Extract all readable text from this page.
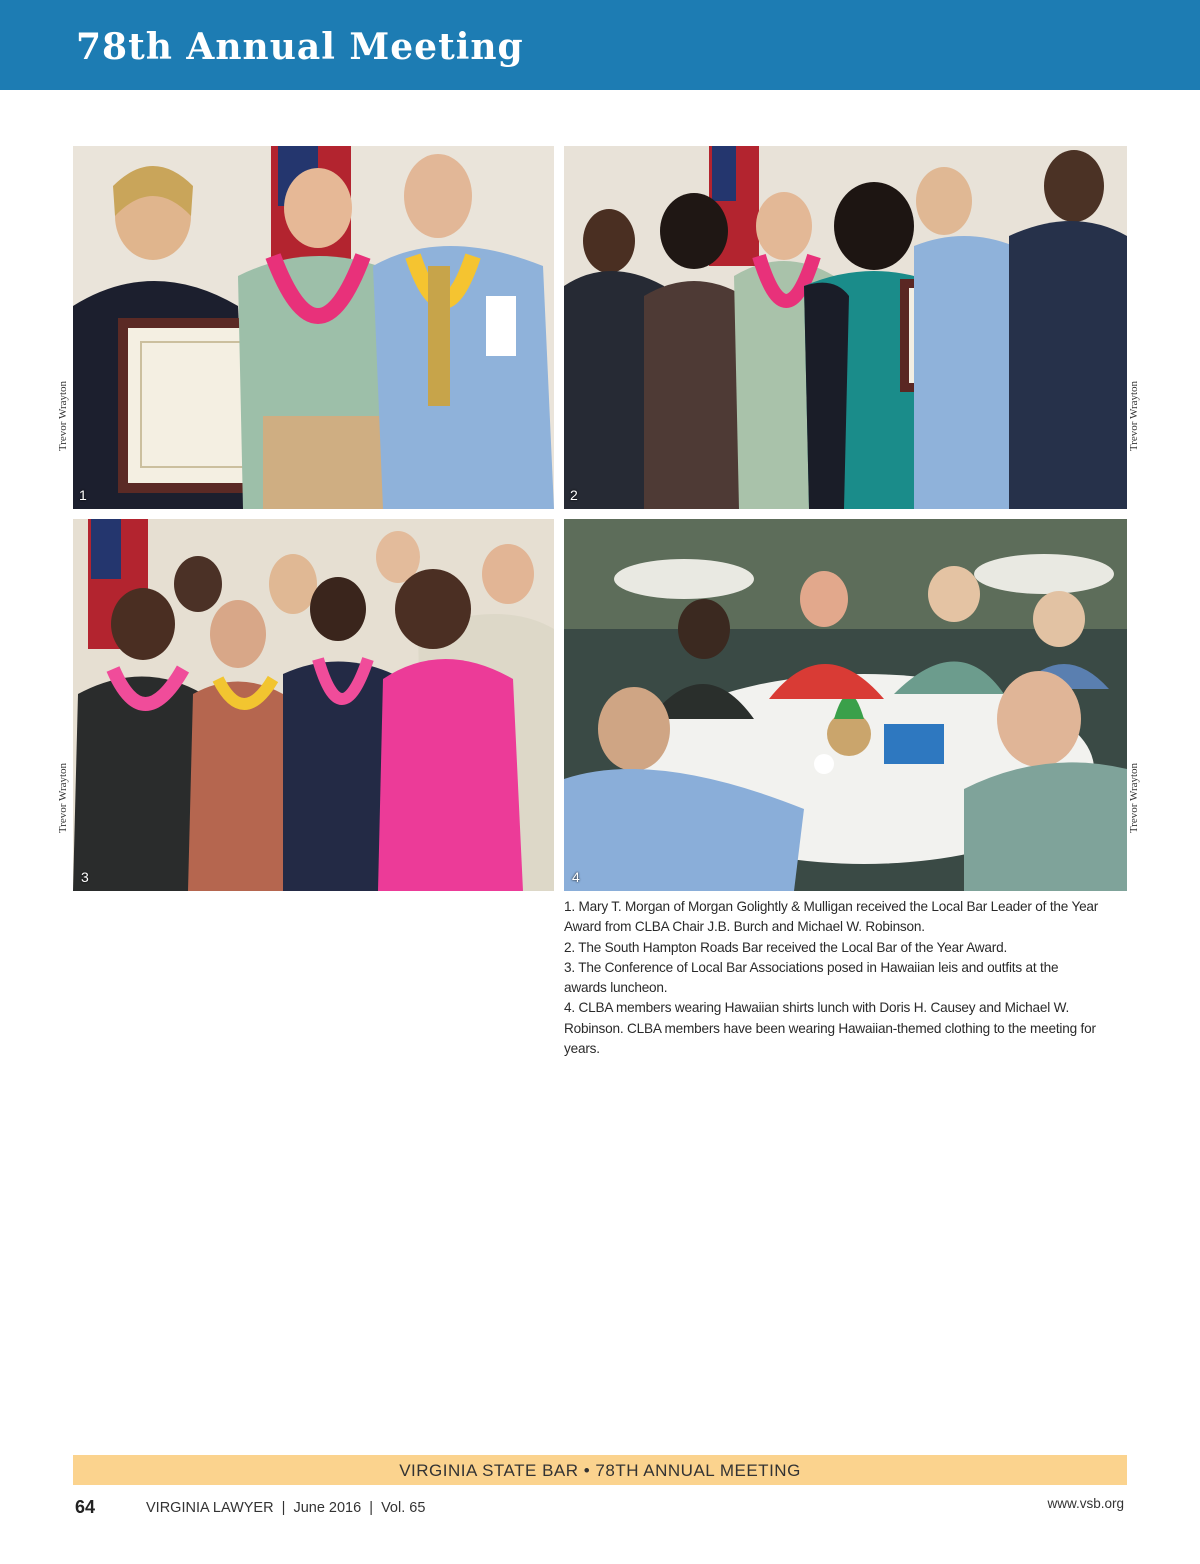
78th Annual Meeting
1	2
3	4
Trevor Wrayton	Trevor Wrayton
Trevor Wrayton	Trevor Wrayton

1. Mary T. Morgan of Morgan Golightly & Mulligan received the Local Bar Leader of the Year Award from CLBA Chair J.B. Burch and Michael W. Robinson.

2. The South Hampton Roads Bar received the Local Bar of the Year Award.

3. The Conference of Local Bar Associations posed in Hawaiian leis and outfits at the awards luncheon.

4. CLBA members wearing Hawaiian shirts lunch with Doris H. Causey and Michael W. Robinson. CLBA members have been wearing Hawaiian-themed clothing to the meeting for years.

VIRGINIA STATE BAR • 78TH ANNUAL MEETING
64	VIRGINIA LAWYER  |  June 2016  |  Vol. 65	www.vsb.org
